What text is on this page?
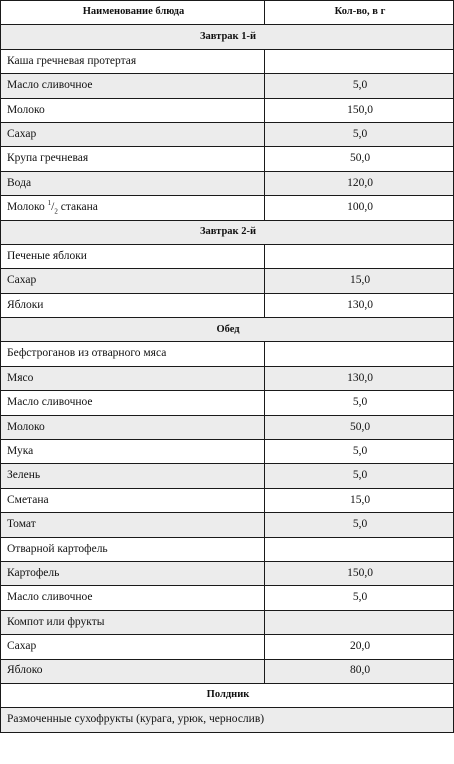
Наименование блюда	Кол-во, в г
Завтрак 1-й	
Каша гречневая протертая	
Масло сливочное	5,0
Молоко	150,0
Сахар	5,0
Крупа гречневая	50,0
Вода	120,0
Молоко $^1/_2$ стакана	100,0
Завтрак 2-й	
Печеные яблоки	
Сахар	15,0
Яблоки	130,0
Обед	
Бефстроганов из отварного мяса	
Мясо	130,0
Масло сливочное	5,0
Молоко	50,0
Мука	5,0
Зелень	5,0
Сметана	15,0
Томат	5,0
Отварной картофель	
Картофель	150,0
Масло сливочное	5,0
Компот или фрукты	
Сахар	20,0
Яблоко	80,0
Полдник	
Размоченные сухофрукты (курага, урюк, чернослив)	
